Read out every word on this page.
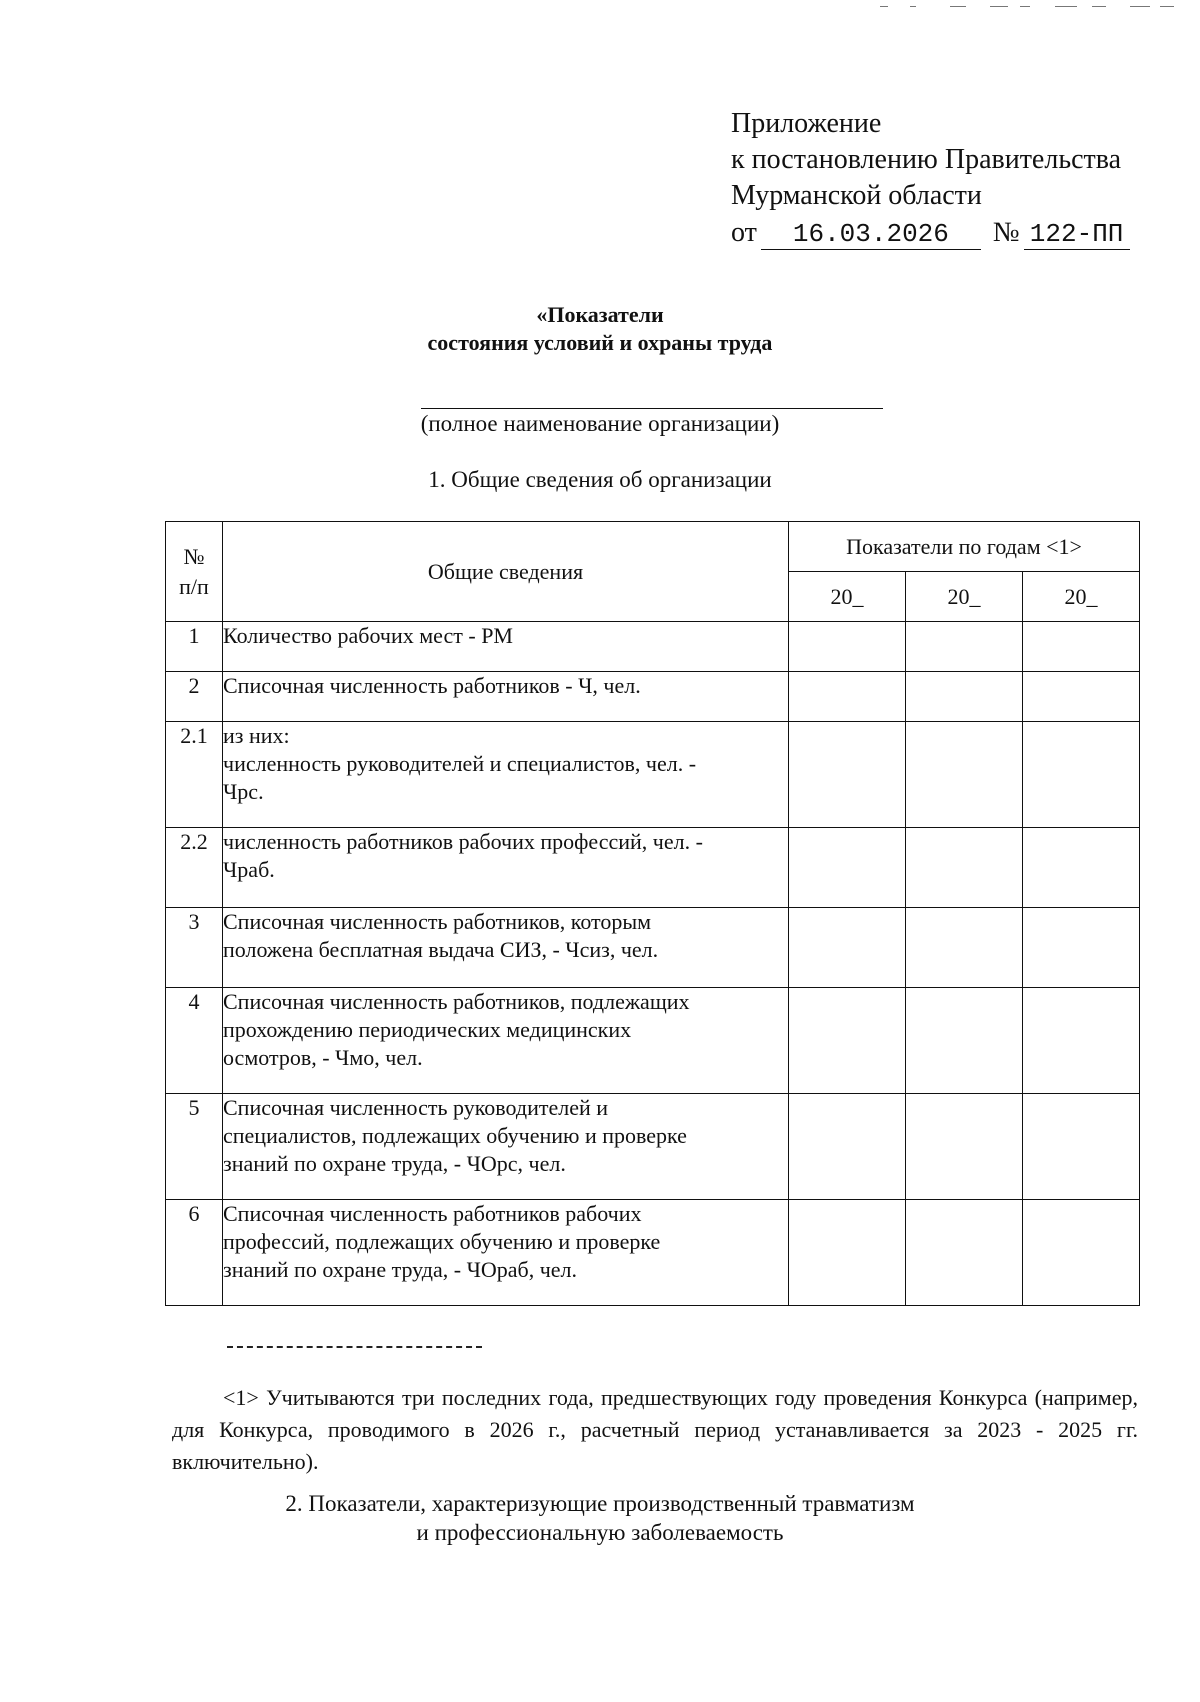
Приложение
к постановлению Правительства
Мурманской области
от	16.03.2026	№ 122-ПП
«Показатели
состояния условий и охраны труда
(полное наименование организации)
1. Общие сведения об организации
№
п/п	Общие сведения	Показатели по годам <1>		
		20_	20_	20_
1	Количество рабочих мест - РМ			

2	Списочная численность работников - Ч, чел.			

2.1	из них:
численность руководителей и специалистов, чел. -
Чрс.			

2.2	численность работников рабочих профессий, чел. -
Чраб.			

3	Списочная численность работников, которым
положена бесплатная выдача СИЗ, - Чсиз, чел.			

4	Списочная численность работников, подлежащих
прохождению периодических медицинских
осмотров, - Чмо, чел.			

5	Списочная численность руководителей и
специалистов, подлежащих обучению и проверке
знаний по охране труда, - ЧОрс, чел.			

6	Списочная численность работников рабочих
профессий, подлежащих обучению и проверке
знаний по охране труда, - ЧОраб, чел.			

<1> Учитываются три последних года, предшествующих году проведения Конкурса (например, для Конкурса, проводимого в 2026 г., расчетный период устанавливается за 2023 - 2025 гг. включительно).
2. Показатели, характеризующие производственный травматизм
и профессиональную заболеваемость
